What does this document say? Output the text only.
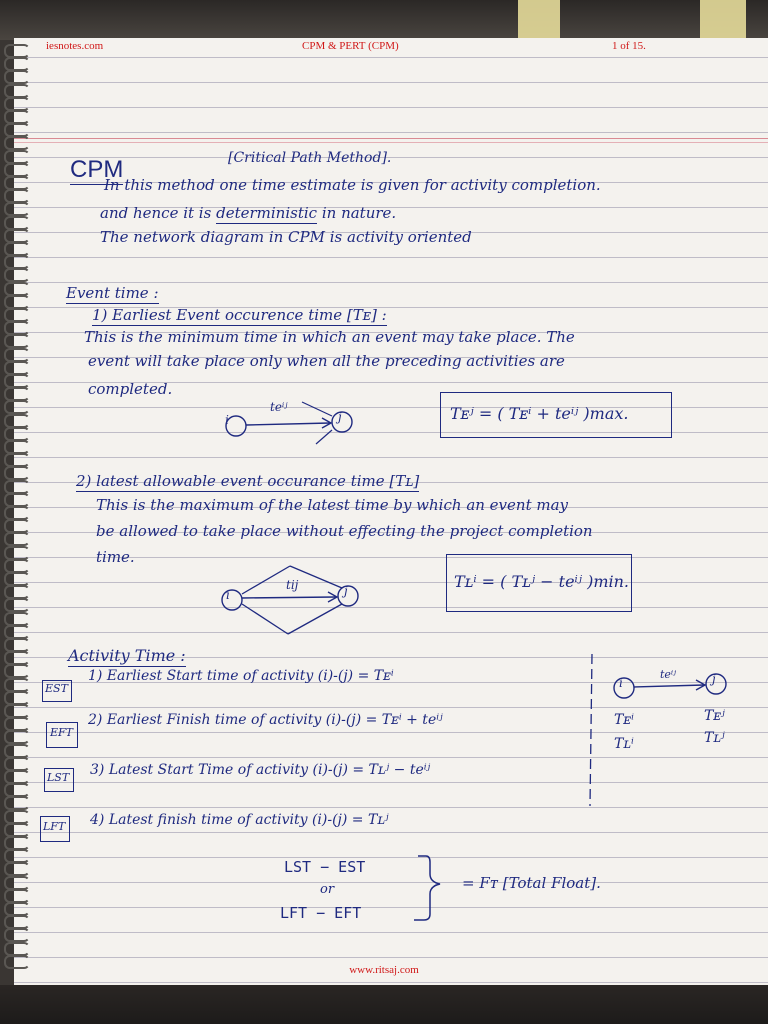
iesnotes.com	CPM & PERT (CPM)	1 of 15.
CPM	[Critical Path Method].
In this method one time estimate is given for activity completion.
and hence it is deterministic in nature.
The network diagram in CPM is activity oriented
Event time :
1) Earliest Event occurence time [Tᴇ] :
This is the minimum time in which an event may take place. The
event will take place only when all the preceding activities are
completed.
i	j
teⁱʲ	Tᴇʲ = ( Tᴇⁱ + teⁱʲ )max.
2) latest allowable event occurance time [Tʟ]
This is the maximum of the latest time by which an event may
be allowed to take place without effecting the project completion
time.
i	j
tij	Tʟⁱ = ( Tʟʲ − teⁱʲ )min.
Activity Time :
EST
1) Earliest Start time of activity (i)-(j) = Tᴇⁱ
EFT
2) Earliest Finish time of activity (i)-(j) = Tᴇⁱ + teⁱʲ
LST 3) Latest Start Time of activity (i)-(j) = Tʟʲ − teⁱʲ
LFT 4) Latest finish time of activity (i)-(j) = Tʟʲ
i	j
teⁱʲ
Tᴇⁱ
Tʟⁱ
Tᴇʲ
Tʟʲ
LST − EST
or
LFT − EFT
= Fᴛ [Total Float].
www.ritsaj.com
